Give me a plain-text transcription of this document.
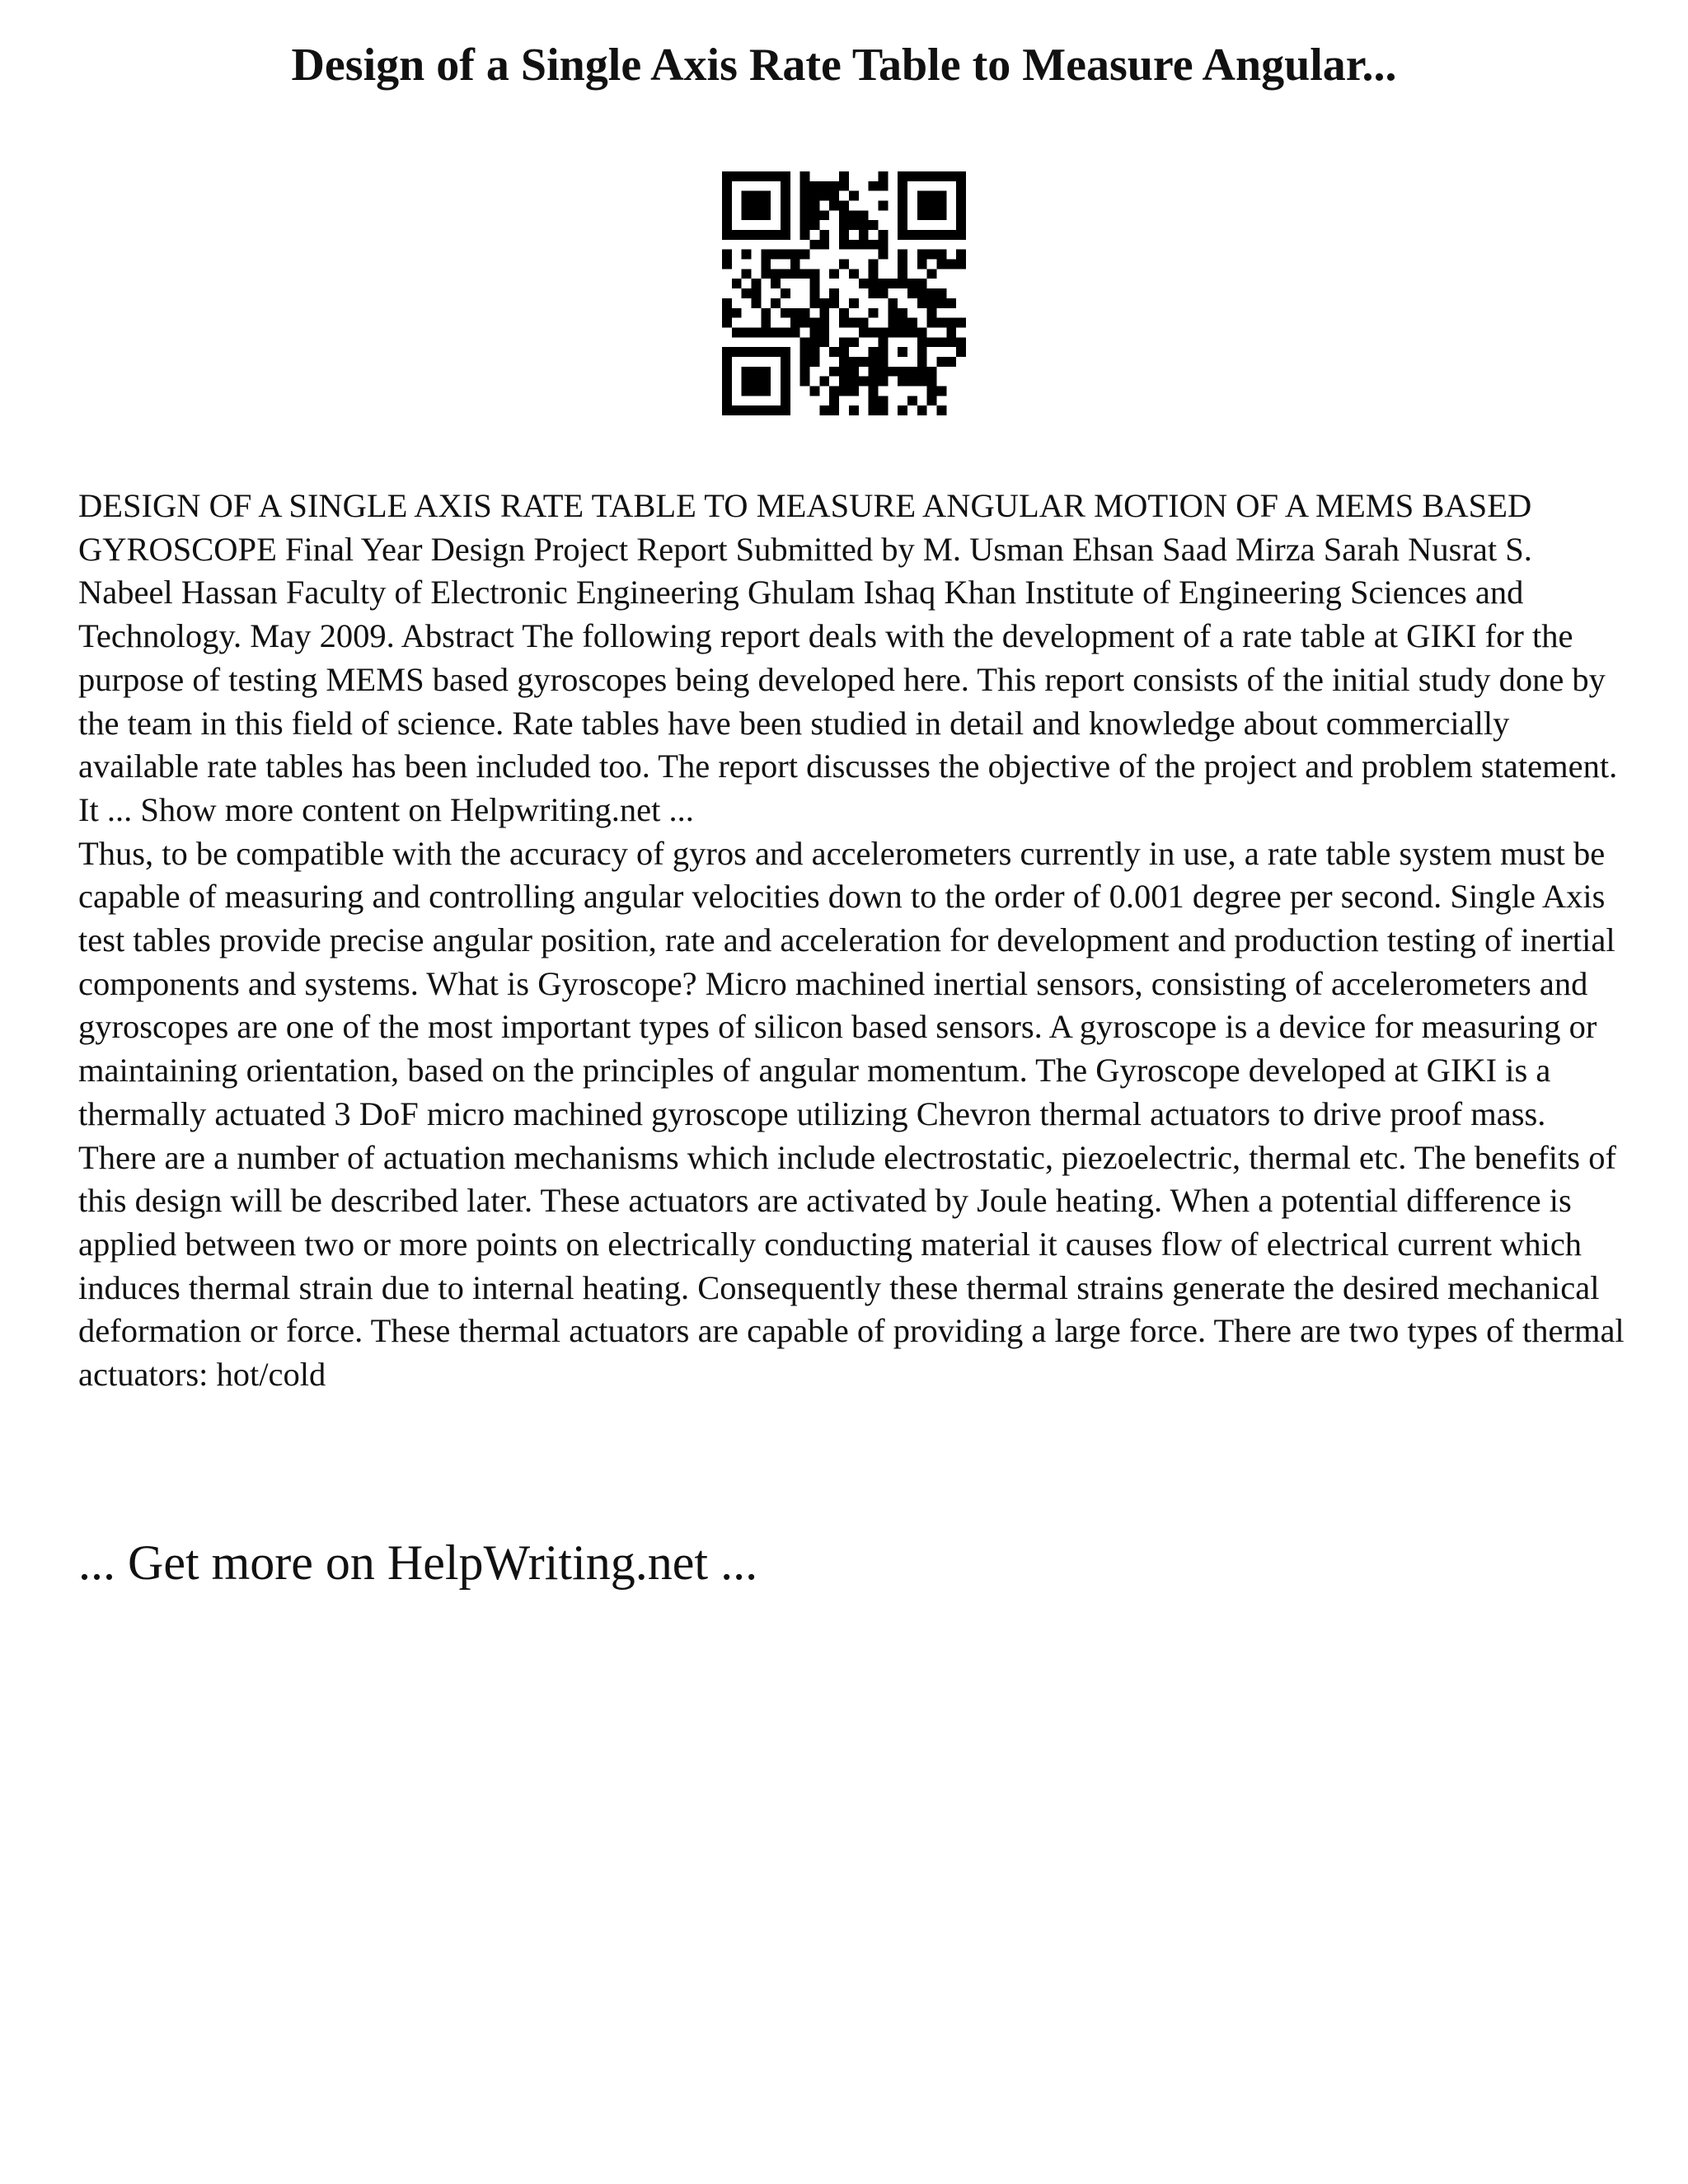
Design of a Single Axis Rate Table to Measure Angular...

DESIGN OF A SINGLE AXIS RATE TABLE TO MEASURE ANGULAR MOTION OF A MEMS BASED GYROSCOPE Final Year Design Project Report Submitted by M. Usman Ehsan Saad Mirza Sarah Nusrat S. Nabeel Hassan Faculty of Electronic Engineering Ghulam Ishaq Khan Institute of Engineering Sciences and Technology. May 2009. Abstract The following report deals with the development of a rate table at GIKI for the purpose of testing MEMS based gyroscopes being developed here. This report consists of the initial study done by the team in this field of science. Rate tables have been studied in detail and knowledge about commercially available rate tables has been included too. The report discusses the objective of the project and problem statement. It ... Show more content on Helpwriting.net ...

Thus, to be compatible with the accuracy of gyros and accelerometers currently in use, a rate table system must be capable of measuring and controlling angular velocities down to the order of 0.001 degree per second. Single Axis test tables provide precise angular position, rate and acceleration for development and production testing of inertial components and systems. What is Gyroscope? Micro machined inertial sensors, consisting of accelerometers and gyroscopes are one of the most important types of silicon based sensors. A gyroscope is a device for measuring or maintaining orientation, based on the principles of angular momentum. The Gyroscope developed at GIKI is a thermally actuated 3 DoF micro machined gyroscope utilizing Chevron thermal actuators to drive proof mass. There are a number of actuation mechanisms which include electrostatic, piezoelectric, thermal etc. The benefits of this design will be described later. These actuators are activated by Joule heating. When a potential difference is applied between two or more points on electrically conducting material it causes flow of electrical current which induces thermal strain due to internal heating. Consequently these thermal strains generate the desired mechanical deformation or force. These thermal actuators are capable of providing a large force. There are two types of thermal actuators: hot/cold

... Get more on HelpWriting.net ...
